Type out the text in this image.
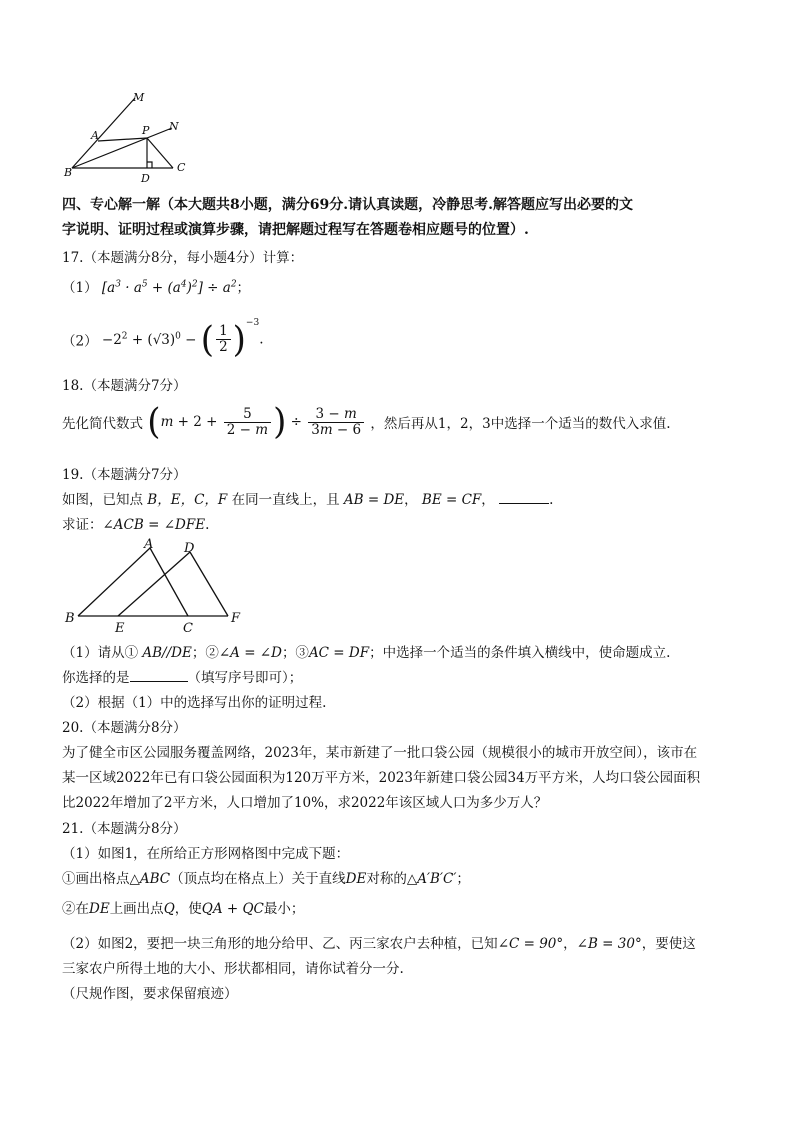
M
A	P N
B	D
C
四、专心解一解（本大题共8小题，满分69分.请认真读题，冷静思考.解答题应写出必要的文
字说明、证明过程或演算步骤，请把解题过程写在答题卷相应题号的位置）.
17.（本题满分8分，每小题4分）计算：
（1） $[a^3 \cdot a^5 + (a^4)^2] \div a^2$；
$(2) -2^2 + (√3)^0$ − ( $\frac{1}{2} )^{-3}$.
18.（本题满分7分）
先化简代数式 ($m + 2 + \frac{5}{2 - m}$ ) ÷ $\frac{3 - m}{3m - 6}$ ，然后再从1，2，3中选择一个适当的数代入求值.
19.（本题满分7分）
如图，已知点 B，E，C，F 在同一直线上，且 AB = DE， BE = CF，	.
求证：∠ACB = ∠DFE.
A D
B
E	C
F
（1）请从① AB//DE；②∠A = ∠D；③AC = DF；中选择一个适当的条件填入横线中，使命题成立.
你选择的是	（填写序号即可）；
（2）根据（1）中的选择写出你的证明过程.
20.（本题满分8分）
为了健全市区公园服务覆盖网络，2023年，某市新建了一批口袋公园（规模很小的城市开放空间），该市在
某一区域2022年已有口袋公园面积为120万平方米，2023年新建口袋公园34万平方米，人均口袋公园面积
比2022年增加了2平方米，人口增加了10%，求2022年该区域人口为多少万人？
21.（本题满分8分）
（1）如图1，在所给正方形网格图中完成下题：
①画出格点△ABC（顶点均在格点上）关于直线DE对称的△A′B′C′；
②在DE上画出点Q，使QA + QC最小；
（2）如图2，要把一块三角形的地分给甲、乙、丙三家农户去种植，已知∠C = 90°，∠B = 30°，要使这
三家农户所得土地的大小、形状都相同，请你试着分一分.
（尺规作图，要求保留痕迹）
